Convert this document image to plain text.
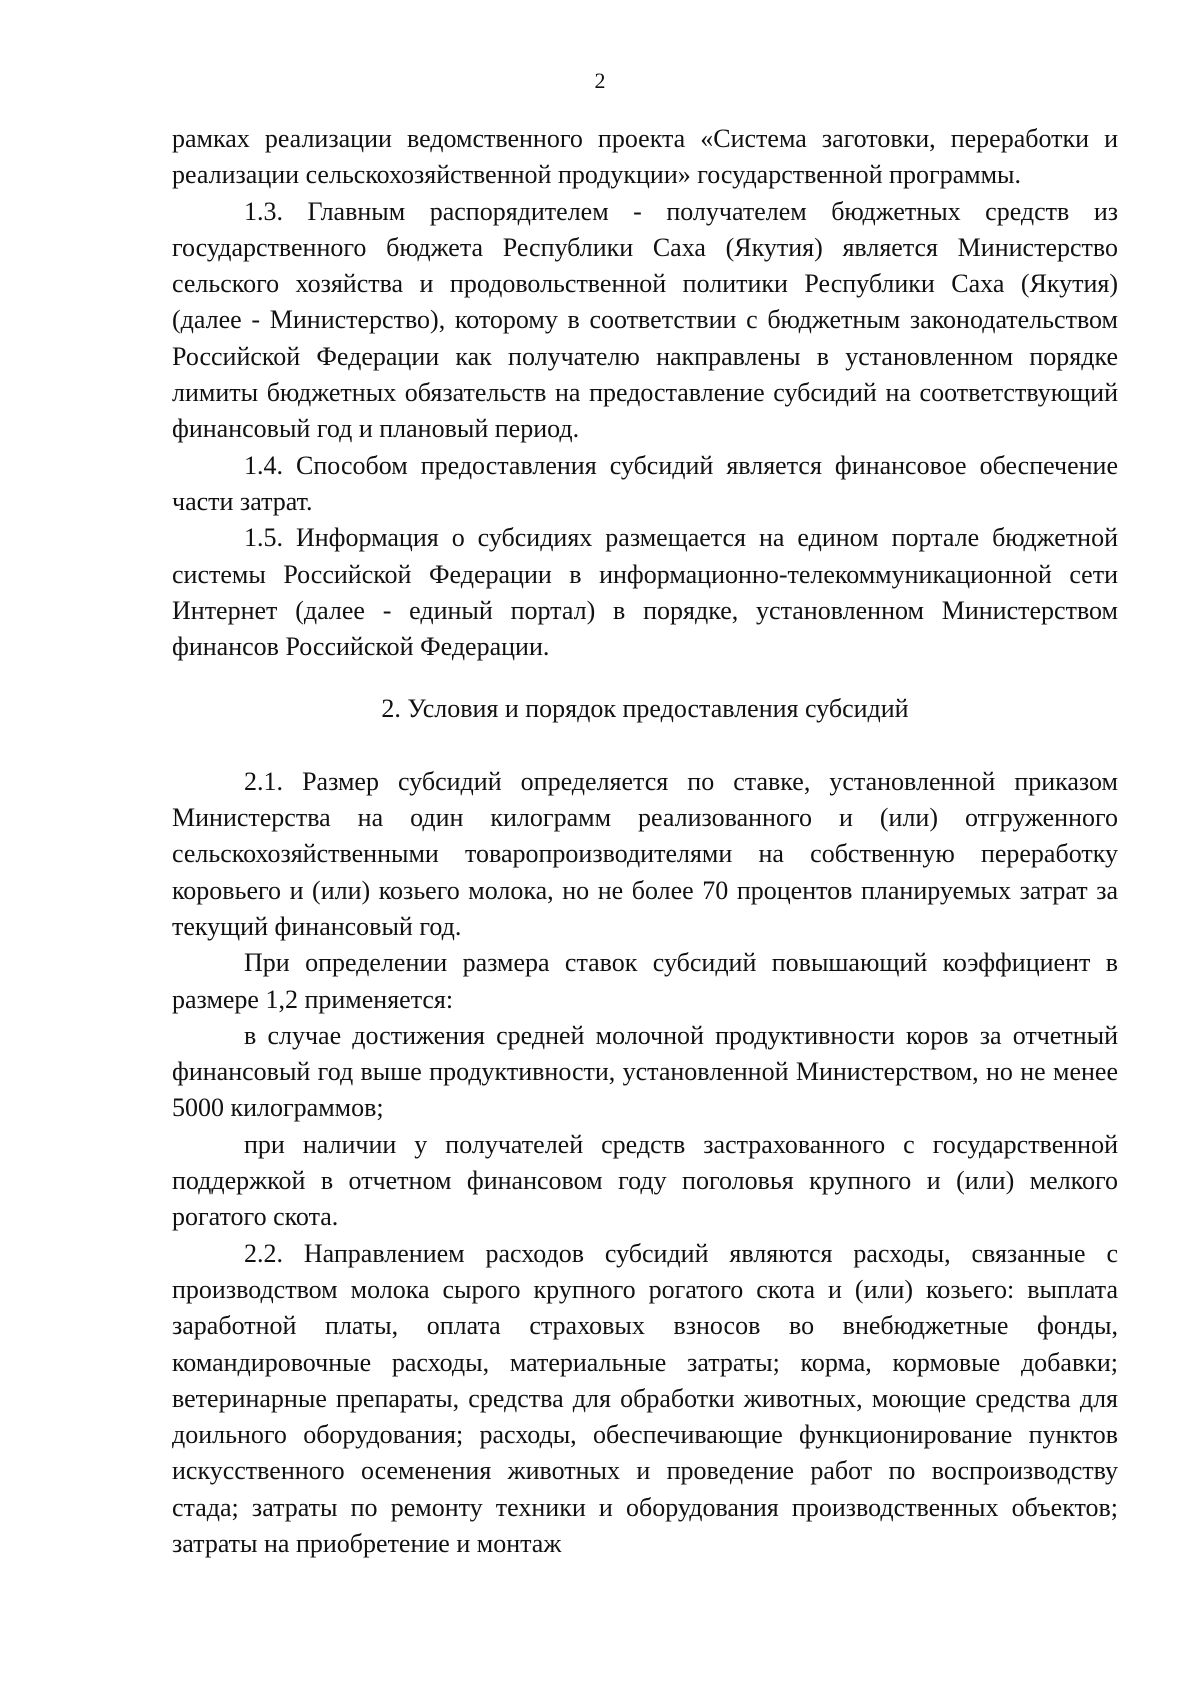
2

рамках реализации ведомственного проекта «Система заготовки, переработки и реализации сельскохозяйственной продукции» государственной программы.

1.3. Главным распорядителем - получателем бюджетных средств из государственного бюджета Республики Саха (Якутия) является Министерство сельского хозяйства и продовольственной политики Республики Саха (Якутия) (далее - Министерство), которому в соответствии с бюджетным законодательством Российской Федерации как получателю накправлены в установленном порядке лимиты бюджетных обязательств на предоставление субсидий на соответствующий финансовый год и плановый период.

1.4. Способом предоставления субсидий является финансовое обеспечение части затрат.

1.5. Информация о субсидиях размещается на едином портале бюджетной системы Российской Федерации в информационно-телекоммуникационной сети Интернет (далее - единый портал) в порядке, установленном Министерством финансов Российской Федерации.

2. Условия и порядок предоставления субсидий

2.1. Размер субсидий определяется по ставке, установленной приказом Министерства на один килограмм реализованного и (или) отгруженного сельскохозяйственными товаропроизводителями на собственную переработку коровьего и (или) козьего молока, но не более 70 процентов планируемых затрат за текущий финансовый год.

При определении размера ставок субсидий повышающий коэффициент в размере 1,2 применяется:

в случае достижения средней молочной продуктивности коров за отчетный финансовый год выше продуктивности, установленной Министерством, но не менее 5000 килограммов;

при наличии у получателей средств застрахованного с государственной поддержкой в отчетном финансовом году поголовья крупного и (или) мелкого рогатого скота.

2.2. Направлением расходов субсидий являются расходы, связанные с производством молока сырого крупного рогатого скота и (или) козьего: выплата заработной платы, оплата страховых взносов во внебюджетные фонды, командировочные расходы, материальные затраты; корма, кормовые добавки; ветеринарные препараты, средства для обработки животных, моющие средства для доильного оборудования; расходы, обеспечивающие функционирование пунктов искусственного осеменения животных и проведение работ по воспроизводству стада; затраты по ремонту техники и оборудования производственных объектов; затраты на приобретение и монтаж
